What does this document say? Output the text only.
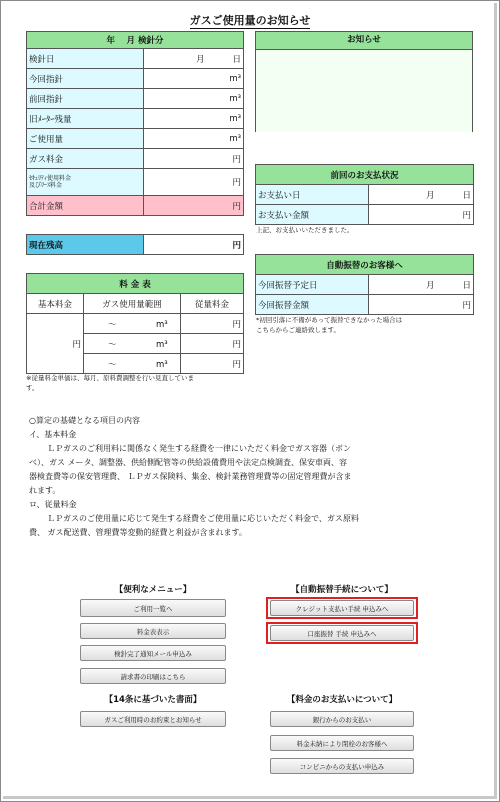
ガスご使用量のお知らせ
年　 月 検針分	
検針日	月 日
今回指針	m³
前回指針	m³
旧ﾒｰﾀｰ残量	m³
ご使用量	m³
ガス料金	円

ｾｷｭﾘﾃｨ使用料金
及びﾘｰｽ料金	円
合計金額	円
現在残高	円
お知らせ
前回のお支払状況	
お支払い日	月 日
お支払い金額	円
上記、お支払いいただきました。
自動振替のお客様へ	
今回振替予定日	月 日
今回振替金額	円
*初回引落に不備があって振替できなかった場合は
こちらからご連絡致します。
料 金 表		
基本料金	ガス使用量範囲	従量料金
円	～ m³	円
	～ m³	円
	～ m³	円
※従量料金単価は、毎月、原料費調整を行い見直していま
す。
○算定の基礎となる項目の内容
イ、基本料金
ＬＰガスのご利用料に関係なく発生する経費を一律にいただく料金でガス容器（ボン
べ）、ガス メータ、調整器、供給側配管等の供給設備費用や法定点検調査、保安車両、容
器検査費等の保安管理費、 ＬＰガス保険料、集金、検針業務管理費等の固定管理費が含ま
れます。
ロ、従量料金
ＬＰガスのご使用量に応じて発生する経費をご使用量に応じいただく料金で、ガス原料
費、 ガス配送費、管理費等変動的経費と利益が含まれます。
【便利なメニュー】
ご利用一覧へ
料金表表示
検針完了通知メール申込み
請求書の印刷はこちら
【自動振替手続について】
クレジット支払い手続 申込みへ
口座振替 手続 申込みへ
【14条に基づいた書面】
ガスご利用時のお約束とお知らせ
【料金のお支払いについて】
銀行からのお支払い
料金未納により閉栓のお客様へ
コンビニからの支払い申込み
